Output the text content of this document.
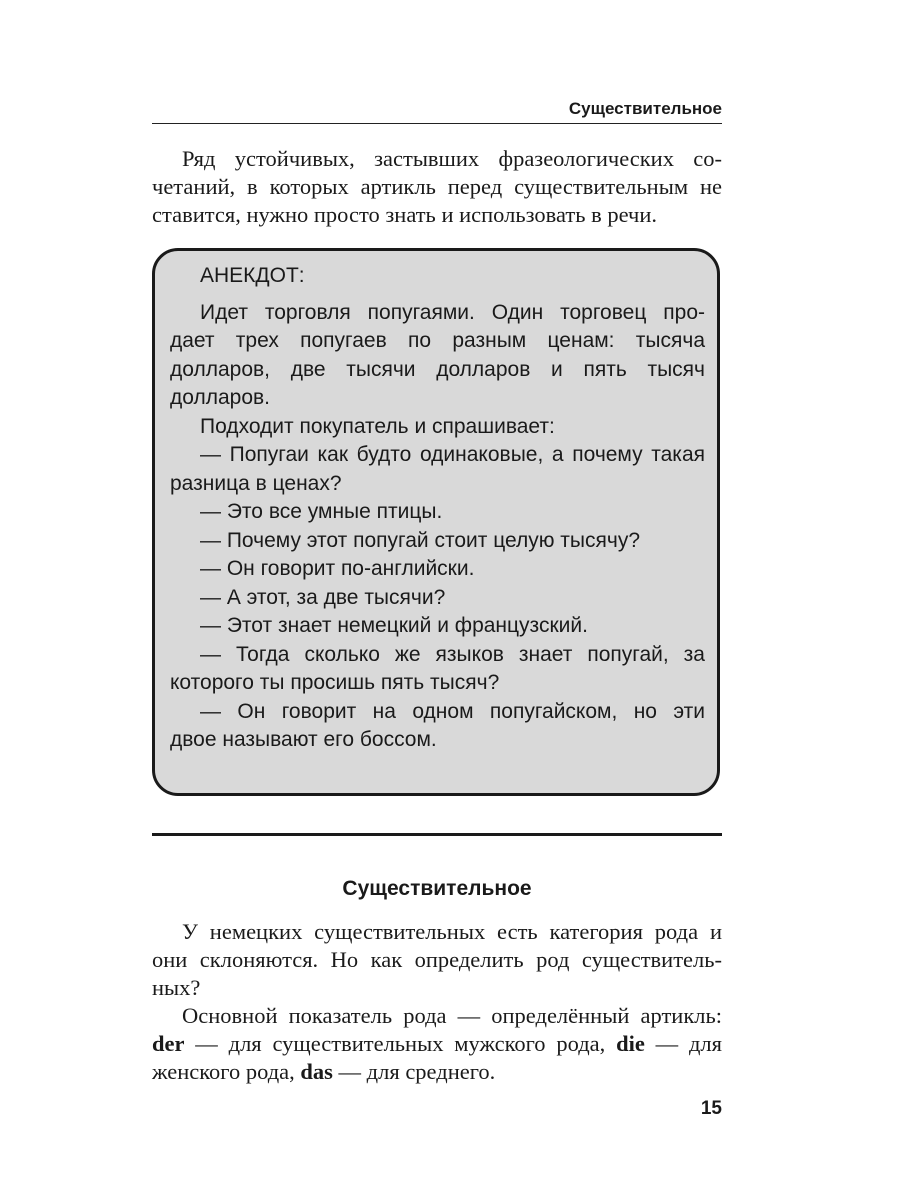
Существительное
Ряд устойчивых, застывших фразеологических со-
четаний, в которых артикль перед существительным не
ставится, нужно просто знать и использовать в речи.
АНЕКДОТ:
Идет торговля попугаями. Один торговец про-
дает трех попугаев по разным ценам: тысяча
долларов, две тысячи долларов и пять тысяч
долларов.
Подходит покупатель и спрашивает:
— Попугаи как будто одинаковые, а почему такая
разница в ценах?
— Это все умные птицы.
— Почему этот попугай стоит целую тысячу?
— Он говорит по-английски.
— А этот, за две тысячи?
— Этот знает немецкий и французский.
— Тогда сколько же языков знает попугай, за
которого ты просишь пять тысяч?
— Он говорит на одном попугайском, но эти
двое называют его боссом.
Существительное
У немецких существительных есть категория рода и
они склоняются. Но как определить род существитель-
ных?
Основной показатель рода — определённый артикль:
der — для существительных мужского рода, die — для
женского рода, das — для среднего.
15
